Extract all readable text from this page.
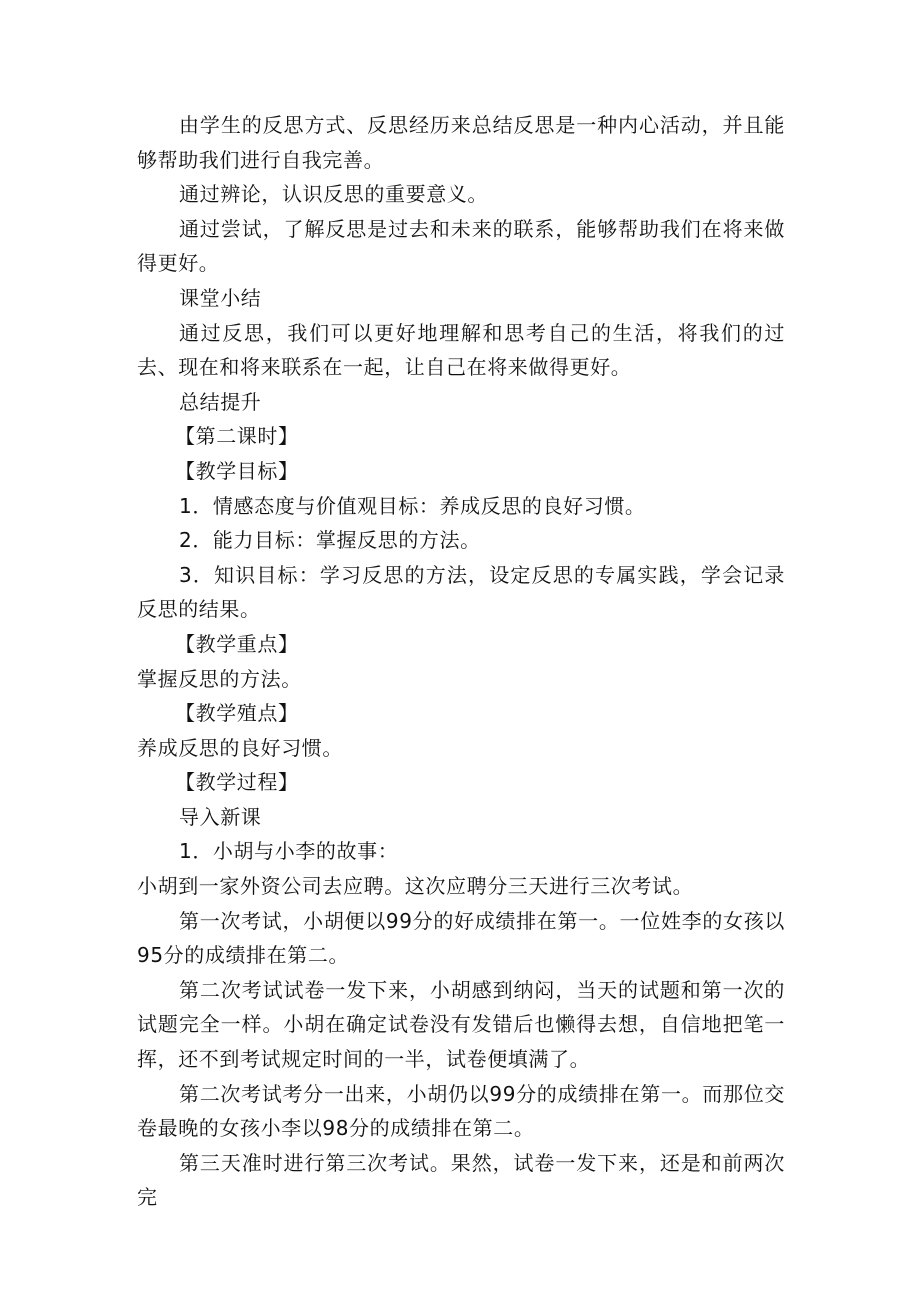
由学生的反思方式、反思经历来总结反思是一种内心活动，并且能够帮助我们进行自我完善。

通过辨论，认识反思的重要意义。

通过尝试，了解反思是过去和未来的联系，能够帮助我们在将来做得更好。

课堂小结

通过反思，我们可以更好地理解和思考自己的生活，将我们的过去、现在和将来联系在一起，让自己在将来做得更好。

总结提升

【第二课时】

【教学目标】

1．情感态度与价值观目标：养成反思的良好习惯。

2．能力目标：掌握反思的方法。

3．知识目标：学习反思的方法，设定反思的专属实践，学会记录反思的结果。

【教学重点】

掌握反思的方法。

【教学殖点】

养成反思的良好习惯。

【教学过程】

导入新课

1．小胡与小李的故事：

小胡到一家外资公司去应聘。这次应聘分三天进行三次考试。

第一次考试，小胡便以99分的好成绩排在第一。一位姓李的女孩以95分的成绩排在第二。

第二次考试试卷一发下来，小胡感到纳闷，当天的试题和第一次的试题完全一样。小胡在确定试卷没有发错后也懒得去想，自信地把笔一挥，还不到考试规定时间的一半，试卷便填满了。

第二次考试考分一出来，小胡仍以99分的成绩排在第一。而那位交卷最晚的女孩小李以98分的成绩排在第二。

第三天准时进行第三次考试。果然，试卷一发下来，还是和前两次完
